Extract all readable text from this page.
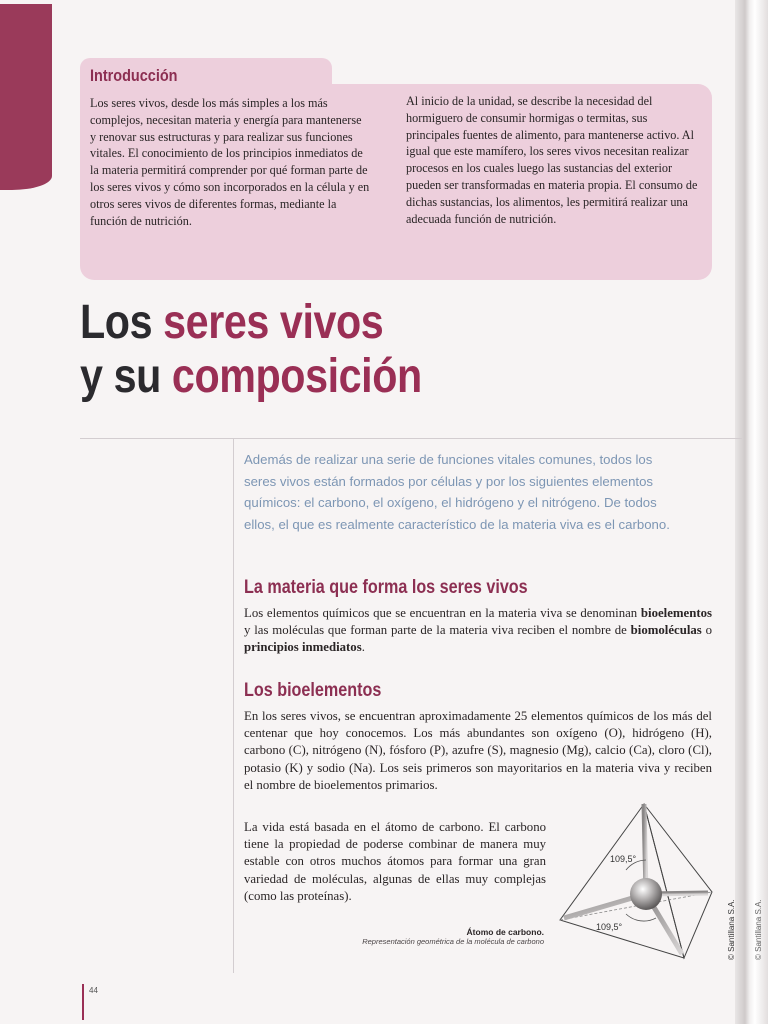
Introducción

Los seres vivos, desde los más simples a los más complejos, necesitan materia y energía para mantenerse y renovar sus estructuras y para realizar sus funciones vitales. El conocimiento de los principios inmediatos de la materia permitirá comprender por qué forman parte de los seres vivos y cómo son incorporados en la célula y en otros seres vivos de diferentes formas, mediante la función de nutrición.

Al inicio de la unidad, se describe la necesidad del hormiguero de consumir hormigas o termitas, sus principales fuentes de alimento, para mantenerse activo. Al igual que este mamífero, los seres vivos necesitan realizar procesos en los cuales luego las sustancias del exterior pueden ser transformadas en materia propia. El consumo de dichas sustancias, los alimentos, les permitirá realizar una adecuada función de nutrición.

Los seres vivos
y su composición

Además de realizar una serie de funciones vitales comunes, todos los seres vivos están formados por células y por los siguientes elementos químicos: el carbono, el oxígeno, el hidrógeno y el nitrógeno. De todos ellos, el que es realmente característico de la materia viva es el carbono.

La materia que forma los seres vivos

Los elementos químicos que se encuentran en la materia viva se denominan bioelementos y las moléculas que forman parte de la materia viva reciben el nombre de biomoléculas o principios inmediatos.

Los bioelementos

En los seres vivos, se encuentran aproximadamente 25 elementos químicos de los más del centenar que hoy conocemos. Los más abundantes son oxígeno (O), hidrógeno (H), carbono (C), nitrógeno (N), fósforo (P), azufre (S), magnesio (Mg), calcio (Ca), cloro (Cl), potasio (K) y sodio (Na). Los seis primeros son mayoritarios en la materia viva y reciben el nombre de bioelementos primarios.

La vida está basada en el átomo de carbono. El carbono tiene la propiedad de poderse combinar de manera muy estable con otros muchos átomos para formar una gran variedad de moléculas, algunas de ellas muy complejas (como las proteínas).

109,5°
109,5°

Átomo de carbono.
Representación geométrica de la molécula de carbono

44
© Santillana S.A. © Santillana S.A.
